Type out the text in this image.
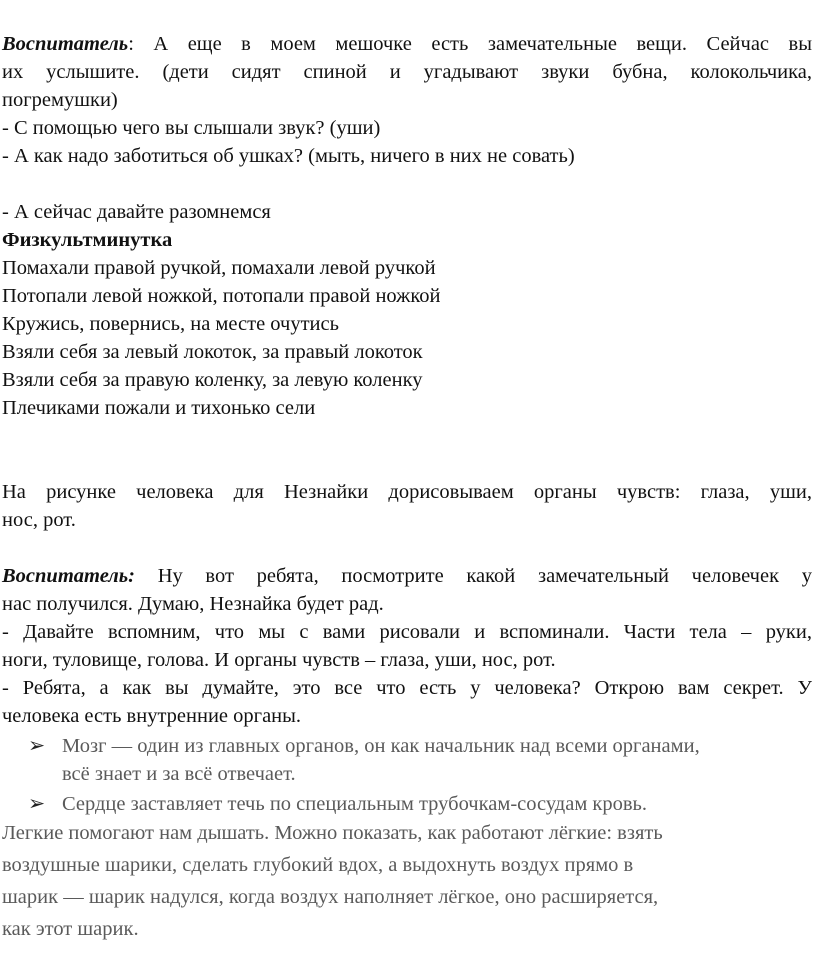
Воспитатель: А еще в моем мешочке есть замечательные вещи. Сейчас вы
их услышите. (дети сидят спиной и угадывают звуки бубна, колокольчика,
погремушки)
- С помощью чего вы слышали звук? (уши)
- А как надо заботиться об ушках? (мыть, ничего в них не совать)
- А сейчас давайте разомнемся
Физкультминутка
Помахали правой ручкой, помахали левой ручкой
Потопали левой ножкой, потопали правой ножкой
Кружись, повернись, на месте очутись
Взяли себя за левый локоток, за правый локоток
Взяли себя за правую коленку, за левую коленку
Плечиками пожали и тихонько сели
На рисунке человека для Незнайки дорисовываем органы чувств: глаза, уши,
нос, рот.
Воспитатель: Ну вот ребята, посмотрите какой замечательный человечек у
нас получился. Думаю, Незнайка будет рад.
- Давайте вспомним, что мы с вами рисовали и вспоминали. Части тела – руки,
ноги, туловище, голова. И органы чувств – глаза, уши, нос, рот.
- Ребята, а как вы думайте, это все что есть у человека? Открою вам секрет. У
человека есть внутренние органы.
➢ Мозг — один из главных органов, он как начальник над всеми органами,
всё знает и за всё отвечает.
➢ Сердце заставляет течь по специальным трубочкам-сосудам кровь.
Легкие помогают нам дышать. Можно показать, как работают лёгкие: взять
воздушные шарики, сделать глубокий вдох, а выдохнуть воздух прямо в
шарик — шарик надулся, когда воздух наполняет лёгкое, оно расширяется,
как этот шарик.
